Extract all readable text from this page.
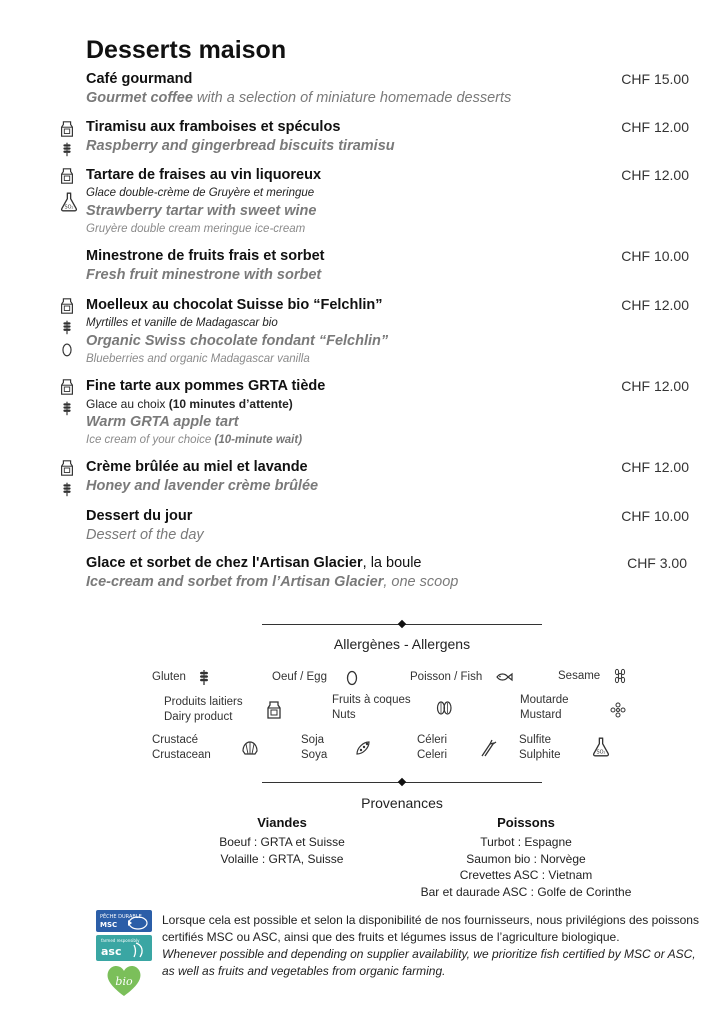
Desserts maison
Café gourmand
Gourmet coffee with a selection of miniature homemade desserts
CHF 15.00
Tiramisu aux framboises et spéculos
Raspberry and gingerbread biscuits tiramisu
CHF 12.00
Tartare de fraises au vin liquoreux
Glace double-crème de Gruyère et meringue
Strawberry tartar with sweet wine
Gruyère double cream meringue ice-cream
CHF 12.00
Minestrone de fruits frais et sorbet
Fresh fruit minestrone with sorbet
CHF 10.00
Moelleux au chocolat Suisse bio “Felchlin”
Myrtilles et vanille de Madagascar bio
Organic Swiss chocolate fondant “Felchlin”
Blueberries and organic Madagascar vanilla
CHF 12.00
Fine tarte aux pommes GRTA tiède
Glace au choix (10 minutes d’attente)
Warm GRTA apple tart
Ice cream of your choice (10-minute wait)
CHF 12.00
Crème brûlée au miel et lavande
Honey and lavender crème brûlée
CHF 12.00
Dessert du jour
Dessert of the day
CHF 10.00
Glace et sorbet de chez l'Artisan Glacier, la boule
Ice-cream and sorbet from l’Artisan Glacier, one scoop
CHF 3.00
Allergènes - Allergens
Gluten	Oeuf / Egg	Poisson / Fish	Sesame
Produits laitiers
Dairy product
Fruits à coques
Nuts
Moutarde
Mustard
Crustacé
Crustacean
Soja
Soya
Céleri
Celeri
Sulfite
Sulphite
Provenances
Viandes
Boeuf : GRTA et Suisse
Volaille : GRTA, Suisse
Poissons
Turbot : Espagne
Saumon bio : Norvège
Crevettes ASC : Vietnam
Bar et daurade ASC : Golfe de Corinthe
PÊCHE DURABLE
MSC
farmed responsibly
asc
bio
Lorsque cela est possible et selon la disponibilité de nos fournisseurs, nous privilégions des poissons certifiés MSC ou ASC, ainsi que des fruits et légumes issus de l’agriculture biologique.
Whenever possible and depending on supplier availability, we prioritize fish certified by MSC or ASC, as well as fruits and vegetables from organic farming.
